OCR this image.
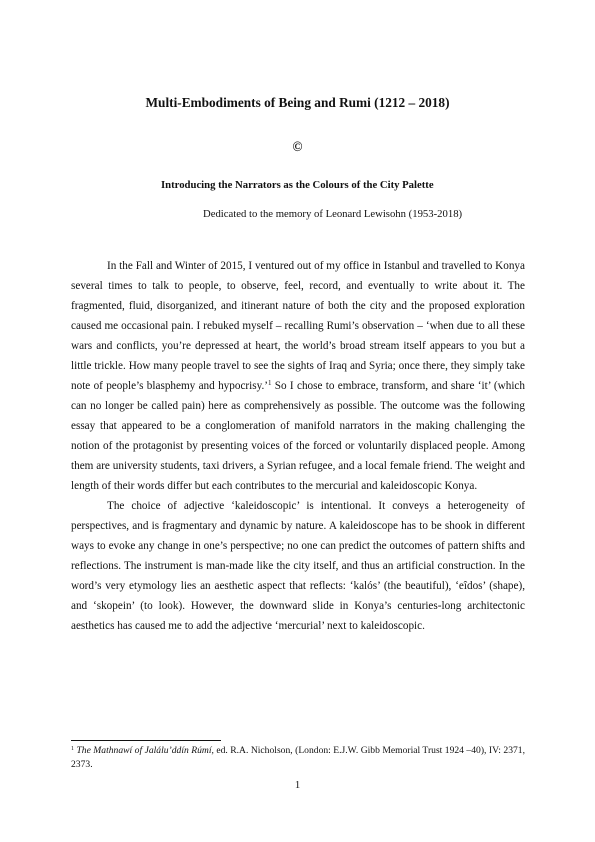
Multi-Embodiments of Being and Rumi (1212 – 2018)
©
Introducing the Narrators as the Colours of the City Palette
Dedicated to the memory of Leonard Lewisohn (1953-2018)

In the Fall and Winter of 2015, I ventured out of my office in Istanbul and travelled to Konya several times to talk to people, to observe, feel, record, and eventually to write about it. The fragmented, fluid, disorganized, and itinerant nature of both the city and the proposed exploration caused me occasional pain. I rebuked myself – recalling Rumi’s observation – ‘when due to all these wars and conflicts, you’re depressed at heart, the world’s broad stream itself appears to you but a little trickle. How many people travel to see the sights of Iraq and Syria; once there, they simply take note of people’s blasphemy and hypocrisy.’$^1$ So I chose to embrace, transform, and share ‘it’ (which can no longer be called pain) here as comprehensively as possible. The outcome was the following essay that appeared to be a conglomeration of manifold narrators in the making challenging the notion of the protagonist by presenting voices of the forced or voluntarily displaced people. Among them are university students, taxi drivers, a Syrian refugee, and a local female friend. The weight and length of their words differ but each contributes to the mercurial and kaleidoscopic Konya.

The choice of adjective ‘kaleidoscopic’ is intentional. It conveys a heterogeneity of perspectives, and is fragmentary and dynamic by nature. A kaleidoscope has to be shook in different ways to evoke any change in one’s perspective; no one can predict the outcomes of pattern shifts and reflections. The instrument is man-made like the city itself, and thus an artificial construction. In the word’s very etymology lies an aesthetic aspect that reflects: ‘kalós’ (the beautiful), ‘eîdos’ (shape), and ‘skopein’ (to look). However, the downward slide in Konya’s centuries-long architectonic aesthetics has caused me to add the adjective ‘mercurial’ next to kaleidoscopic.

$^1$ The Mathnawí of Jalálu’ddín Rúmí, ed. R.A. Nicholson, (London: E.J.W. Gibb Memorial Trust 1924 –40), IV: 2371, 2373.
1
